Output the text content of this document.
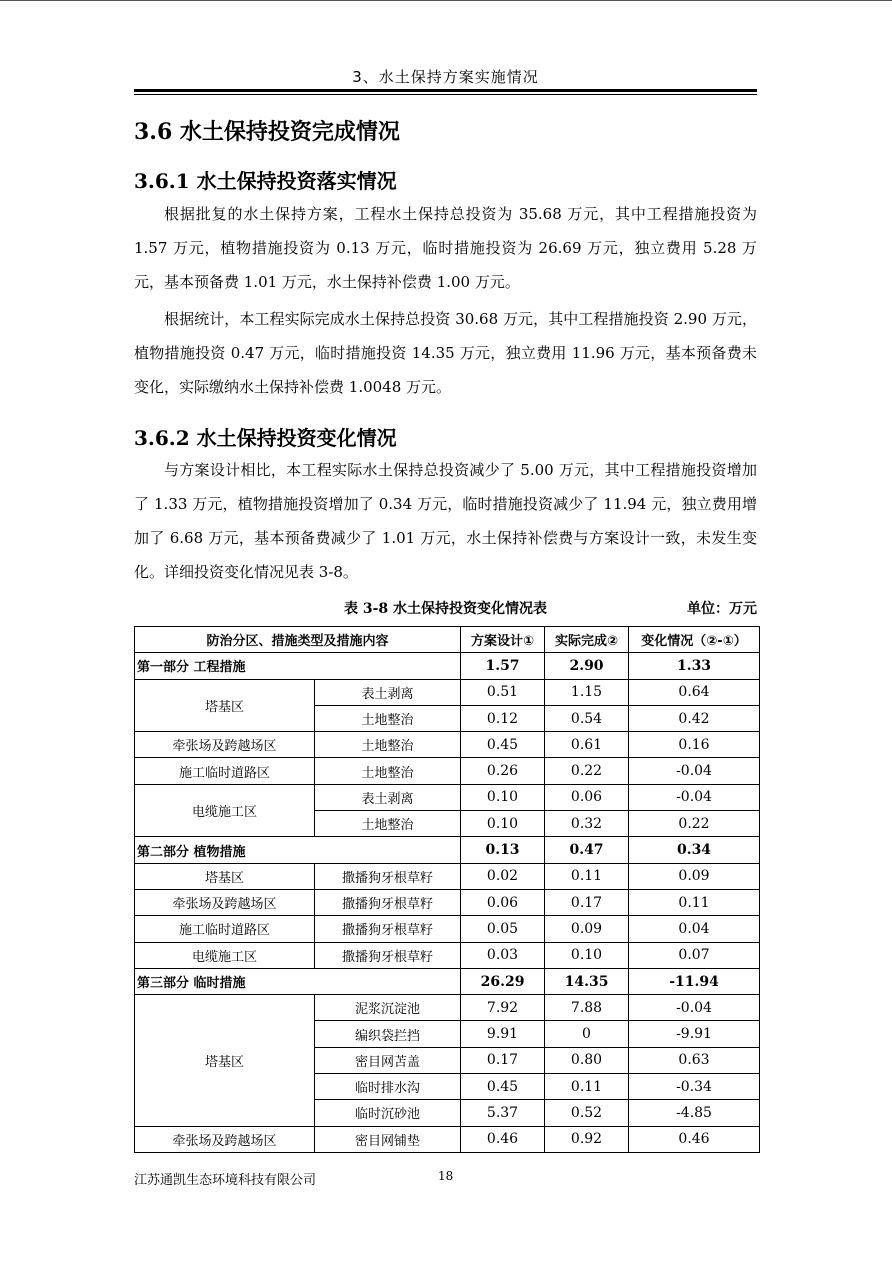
3、水土保持方案实施情况
3.6 水土保持投资完成情况
3.6.1 水土保持投资落实情况

根据批复的水土保持方案，工程水土保持总投资为 35.68 万元，其中工程措施投资为 1.57 万元，植物措施投资为 0.13 万元，临时措施投资为 26.69 万元，独立费用 5.28 万元，基本预备费 1.01 万元，水土保持补偿费 1.00 万元。

根据统计，本工程实际完成水土保持总投资 30.68 万元，其中工程措施投资 2.90 万元，植物措施投资 0.47 万元，临时措施投资 14.35 万元，独立费用 11.96 万元，基本预备费未变化，实际缴纳水土保持补偿费 1.0048 万元。

3.6.2 水土保持投资变化情况

与方案设计相比，本工程实际水土保持总投资减少了 5.00 万元，其中工程措施投资增加了 1.33 万元，植物措施投资增加了 0.34 万元，临时措施投资减少了 11.94 元，独立费用增加了 6.68 万元，基本预备费减少了 1.01 万元，水土保持补偿费与方案设计一致，未发生变化。详细投资变化情况见表 3-8。

表 3-8 水土保持投资变化情况表	单位：万元
防治分区、措施类型及措施内容		方案设计①	实际完成②	变化情况（②-①）
第一部分 工程措施		1.57	2.90	1.33
塔基区	表土剥离	0.51	1.15	0.64
	土地整治	0.12	0.54	0.42
牵张场及跨越场区	土地整治	0.45	0.61	0.16
施工临时道路区	土地整治	0.26	0.22	-0.04
电缆施工区	表土剥离	0.10	0.06	-0.04
	土地整治	0.10	0.32	0.22
第二部分 植物措施		0.13	0.47	0.34
塔基区	撒播狗牙根草籽	0.02	0.11	0.09
牵张场及跨越场区	撒播狗牙根草籽	0.06	0.17	0.11
施工临时道路区	撒播狗牙根草籽	0.05	0.09	0.04
电缆施工区	撒播狗牙根草籽	0.03	0.10	0.07
第三部分 临时措施		26.29	14.35	-11.94
塔基区	泥浆沉淀池	7.92	7.88	-0.04
	编织袋拦挡	9.91	0	-9.91
	密目网苫盖	0.17	0.80	0.63
	临时排水沟	0.45	0.11	-0.34
	临时沉砂池	5.37	0.52	-4.85
牵张场及跨越场区	密目网铺垫	0.46	0.92	0.46
江苏通凯生态环境科技有限公司	18
